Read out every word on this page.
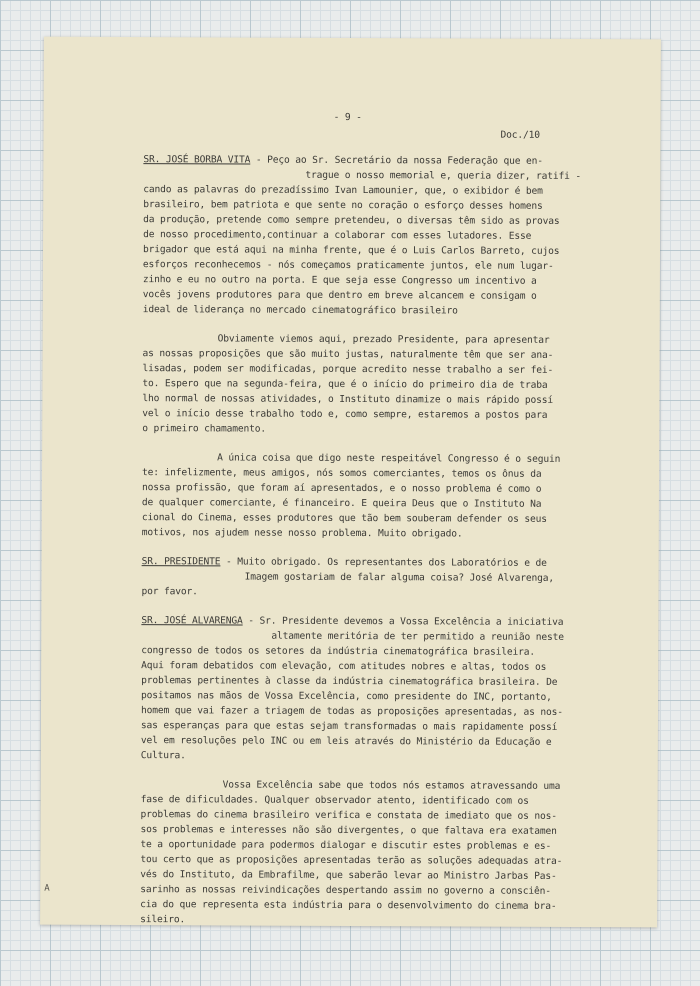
- 9 -
Doc./10
SR. JOSÉ BORBA VITA - Peço ao Sr. Secretário da nossa Federação que en-
trague o nosso memorial e, queria dizer, ratifi -
cando as palavras do prezadíssimo Ivan Lamounier, que, o exibidor é bem
brasileiro, bem patriota e que sente no coração o esforço desses homens
da produção, pretende como sempre pretendeu, o diversas têm sido as provas
de nosso procedimento,continuar a colaborar com esses lutadores. Esse
brigador que está aqui na minha frente, que é o Luis Carlos Barreto, cujos
esforços reconhecemos - nós começamos praticamente juntos, ele num lugar-
zinho e eu no outro na porta. E que seja esse Congresso um incentivo a
vocês jovens produtores para que dentro em breve alcancem e consigam o
ideal de liderança no mercado cinematográfico brasileiro
Obviamente viemos aqui, prezado Presidente, para apresentar
as nossas proposições que são muito justas, naturalmente têm que ser ana-
lisadas, podem ser modificadas, porque acredito nesse trabalho a ser fei-
to. Espero que na segunda-feira, que é o início do primeiro dia de traba
lho normal de nossas atividades, o Instituto dinamize o mais rápido possí
vel o início desse trabalho todo e, como sempre, estaremos a postos para
o primeiro chamamento.
A única coisa que digo neste respeitável Congresso é o seguin
te: infelizmente, meus amigos, nós somos comerciantes, temos os ônus da
nossa profissão, que foram aí apresentados, e o nosso problema é como o
de qualquer comerciante, é financeiro. E queira Deus que o Instituto Na
cional do Cinema, esses produtores que tão bem souberam defender os seus
motivos, nos ajudem nesse nosso problema. Muito obrigado.
SR. PRESIDENTE - Muito obrigado. Os representantes dos Laboratórios e de
Imagem gostariam de falar alguma coisa? José Alvarenga,
por favor.
SR. JOSÉ ALVARENGA - Sr. Presidente devemos a Vossa Excelência a iniciativa
altamente meritória de ter permitido a reunião neste
congresso de todos os setores da indústria cinematográfica brasileira.
Aqui foram debatidos com elevação, com atitudes nobres e altas, todos os
problemas pertinentes à classe da indústria cinematográfica brasileira. De
positamos nas mãos de Vossa Excelência, como presidente do INC, portanto,
homem que vai fazer a triagem de todas as proposições apresentadas, as nos-
sas esperanças para que estas sejam transformadas o mais rapidamente possí
vel em resoluções pelo INC ou em leis através do Ministério da Educação e
Cultura.
Vossa Excelência sabe que todos nós estamos atravessando uma
fase de dificuldades. Qualquer observador atento, identificado com os
problemas do cinema brasileiro verifica e constata de imediato que os nos-
sos problemas e interesses não são divergentes, o que faltava era exatamen
te a oportunidade para podermos dialogar e discutir estes problemas e es-
tou certo que as proposições apresentadas terão as soluções adequadas atra-
vés do Instituto, da Embrafilme, que saberão levar ao Ministro Jarbas Pas-
sarinho as nossas reivindicações despertando assim no governo a consciên-
cia do que representa esta indústria para o desenvolvimento do cinema bra-
sileiro.
A
